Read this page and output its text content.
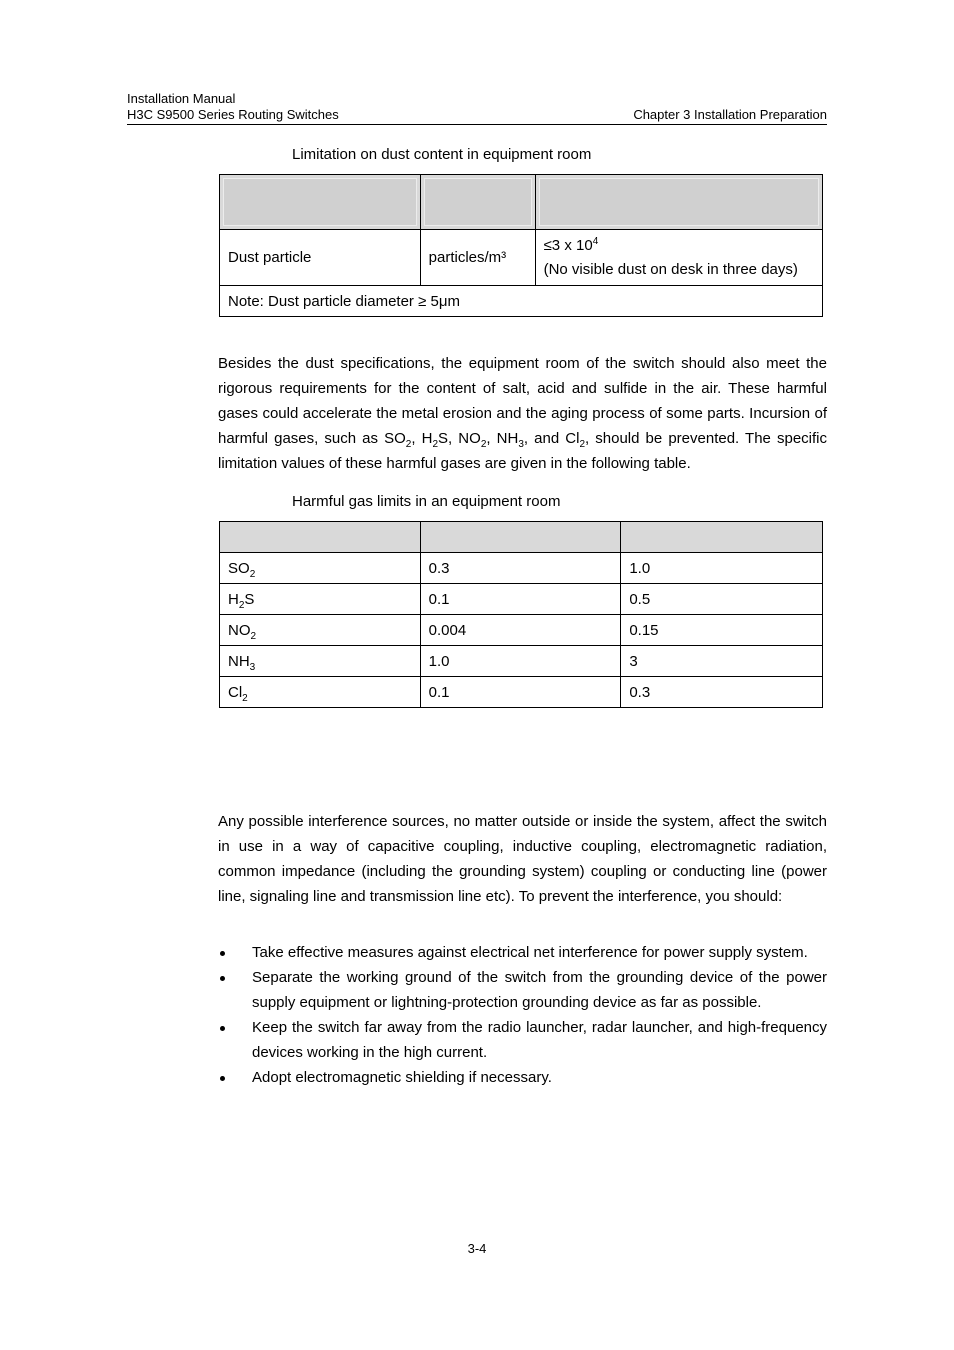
Installation Manual
H3C S9500 Series Routing Switches	Chapter 3 Installation Preparation
Limitation on dust content in equipment room

Dust particle	particles/m³	≤3 x $10^4$
(No visible dust on desk in three days)

Note: Dust particle diameter ≥ 5μm		
Besides the dust specifications, the equipment room of the switch should also meet the rigorous requirements for the content of salt, acid and sulfide in the air. These harmful gases could accelerate the metal erosion and the aging process of some parts. Incursion of harmful gases, such as $SO_2$, $H_2S$, $NO_2$, $NH_3$, and $Cl_2$, should be prevented. The specific limitation values of these harmful gases are given in the following table.
Harmful gas limits in an equipment room

$SO_2$	0.3	1.0
$H_2S$	0.1	0.5
$NO_2$	0.004	0.15
$NH_3$	1.0	3
$Cl_2$	0.1	0.3
Any possible interference sources, no matter outside or inside the system, affect the switch in use in a way of capacitive coupling, inductive coupling, electromagnetic radiation, common impedance (including the grounding system) coupling or conducting line (power line, signaling line and transmission line etc). To prevent the interference, you should:
Take effective measures against electrical net interference for power supply system.
Separate the working ground of the switch from the grounding device of the power supply equipment or lightning-protection grounding device as far as possible.
Keep the switch far away from the radio launcher, radar launcher, and high-frequency devices working in the high current.
Adopt electromagnetic shielding if necessary.
3-4
